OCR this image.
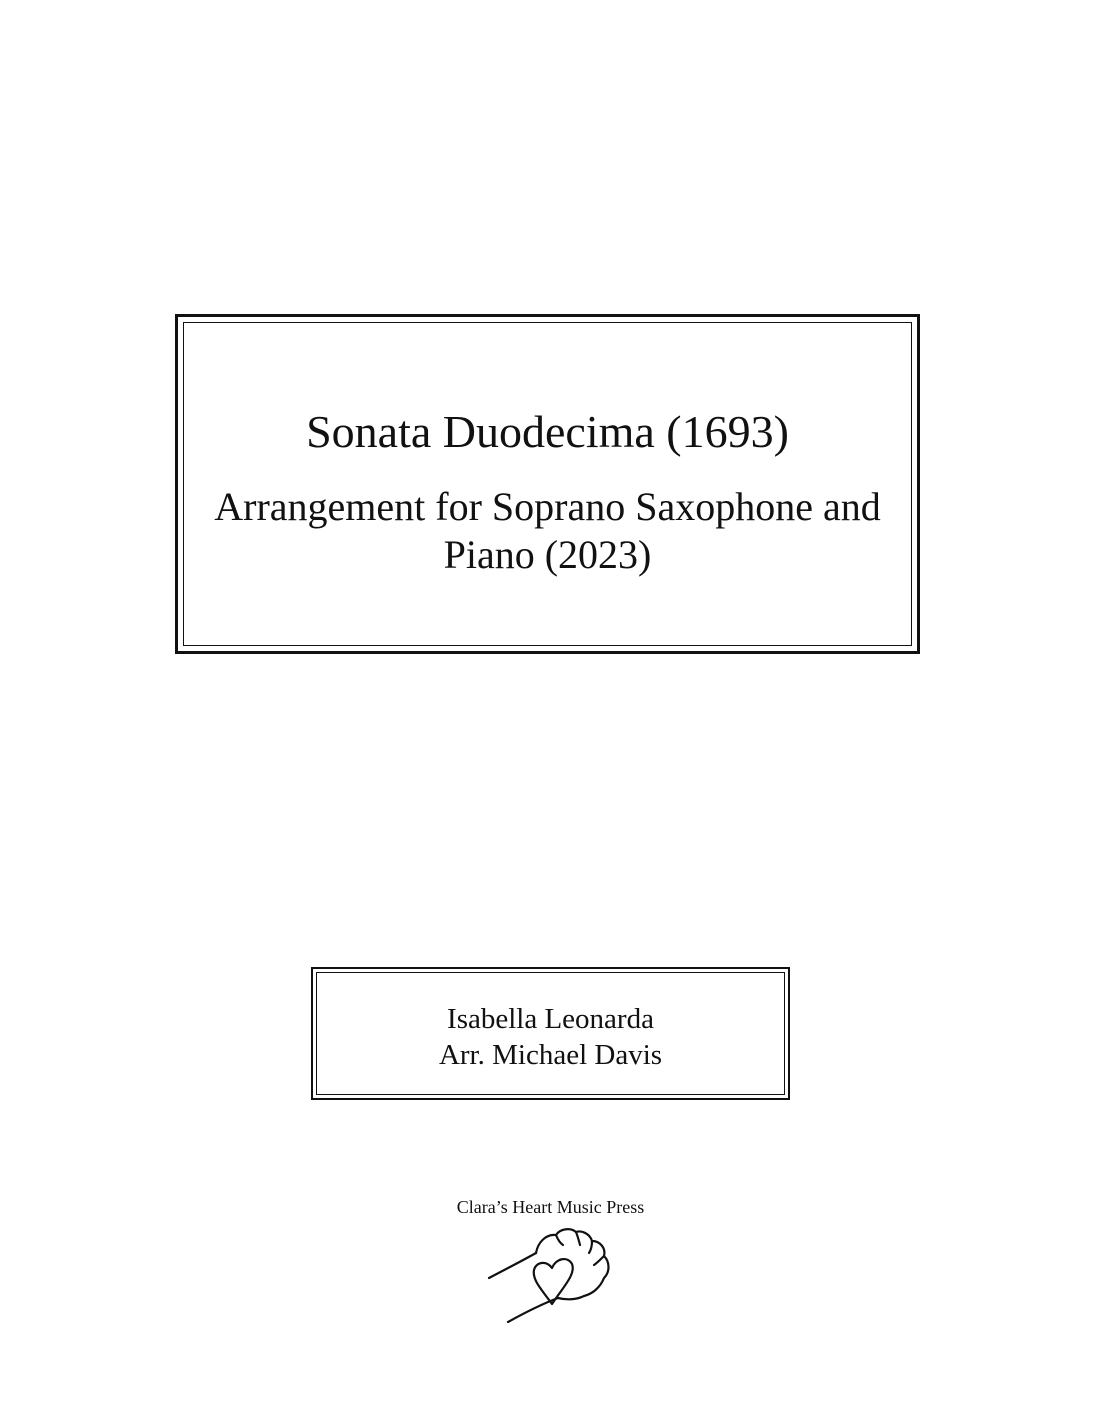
Sonata Duodecima (1693)
Arrangement for Soprano Saxophone and Piano (2023)
Isabella Leonarda
Arr. Michael Davis
Clara’s Heart Music Press
